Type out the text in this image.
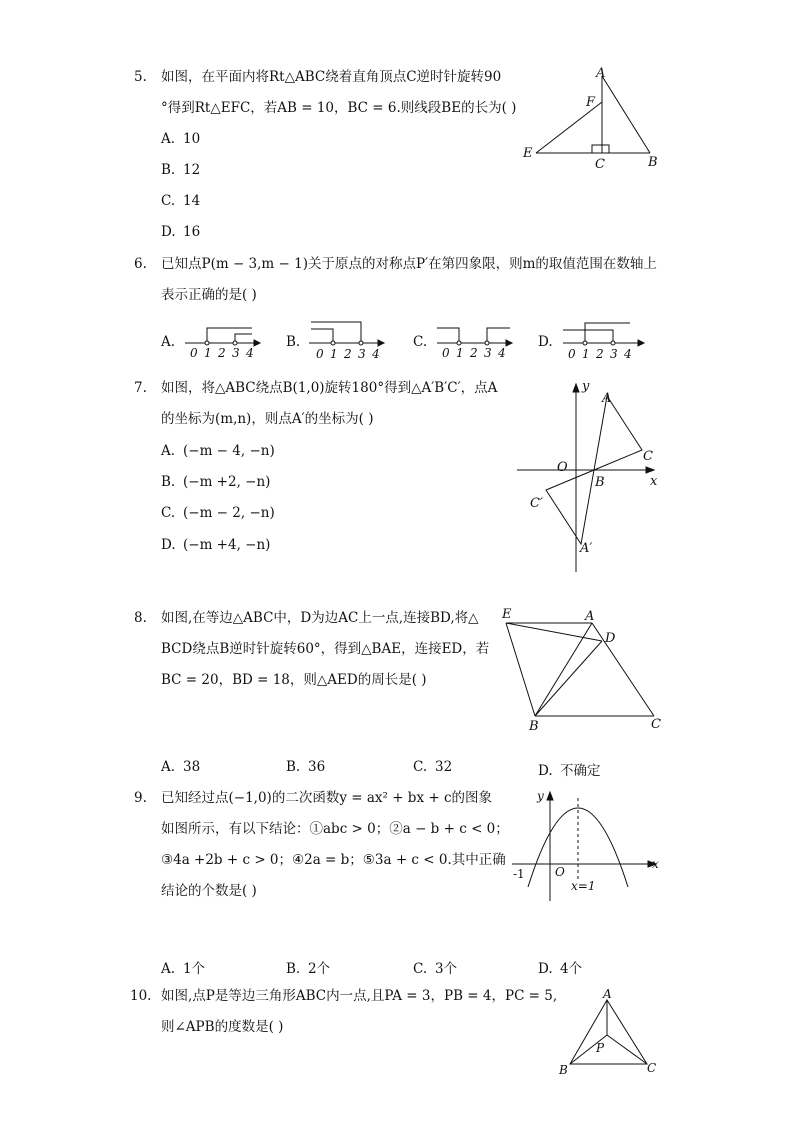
5.	如图，在平面内将Rt△ABC绕着直角顶点C逆时针旋转90
°得到Rt△EFC，若AB = 10，BC = 6.则线段BE的长为( )
A. 10
B. 12
C. 14
D. 16
A
F
E
C	B
6.	已知点P(m − 3,m − 1)关于原点的对称点P′在第四象限，则m的取值范围在数轴上
表示正确的是( )
A.
0 1 2 3 4
B.
0 1 2 3 4
C.
0 1 2 3 4
D.
0 1 2 3 4
7.	如图，将△ABC绕点B(1,0)旋转180°得到△A′B′C′，点A
的坐标为(m,n)，则点A′的坐标为( )
A. (−m − 4, −n)
B. (−m +2, −n)
C. (−m − 2, −n)
D. (−m +4, −n)
y
A
C
O
B	x
C′
A′
8.	如图,在等边△ABC中，D为边AC上一点,连接BD,将△
BCD绕点B逆时针旋转60°，得到△BAE，连接ED，若
BC = 20，BD = 18，则△AED的周长是( )
E	A
D
B	C
A. 38	B. 36	C. 32	D. 不确定
9.	已知经过点(−1,0)的二次函数y = ax² + bx + c的图象
如图所示，有以下结论：①abc > 0；②a − b + c < 0；
③4a +2b + c > 0；④2a = b；⑤3a + c < 0.其中正确
结论的个数是( )
y
x
-1	O
x=1
A. 1个	B. 2个	C. 3个	D. 4个
10. 如图,点P是等边三角形ABC内一点,且PA = 3，PB = 4，PC = 5,
则∠APB的度数是( )
A
P
B	C
